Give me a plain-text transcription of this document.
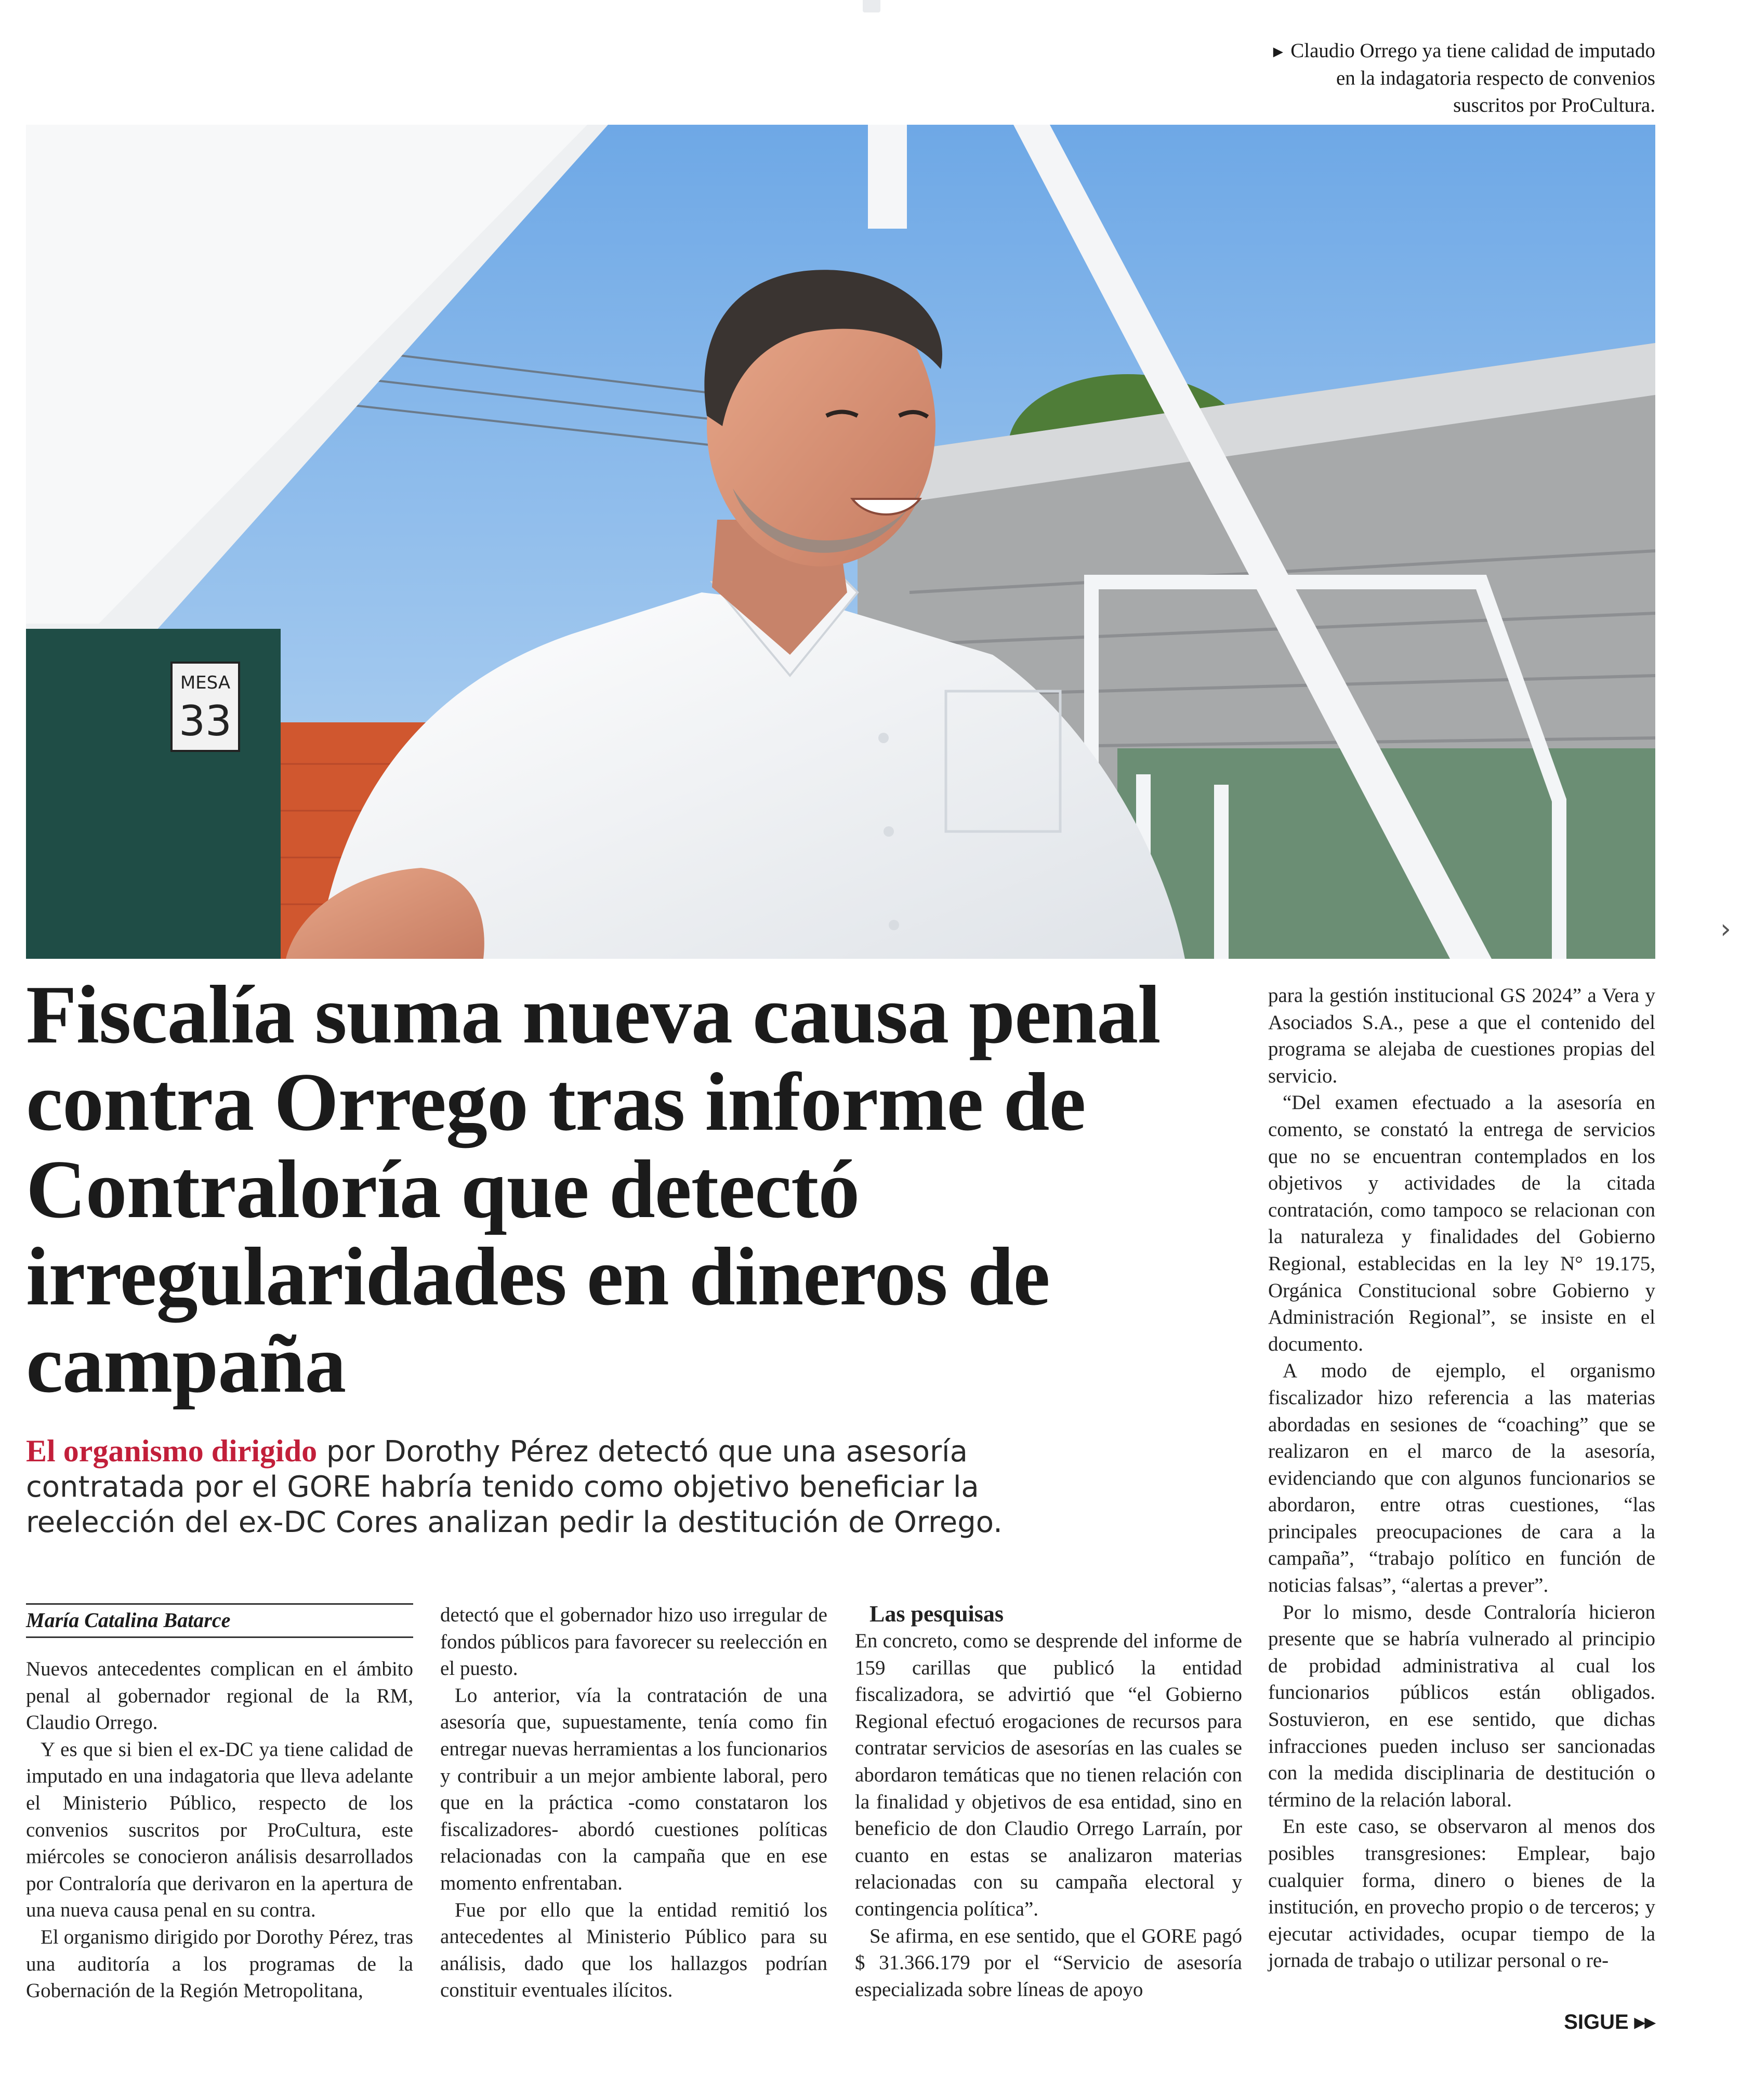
► Claudio Orrego ya tiene calidad de imputado en la indagatoria respecto de convenios suscritos por ProCultura.
MESA
33
›
Fiscalía suma nueva causa penal contra Orrego tras informe de Contraloría que detectó irregularidades en dineros de campaña

El organismo dirigido por Dorothy Pérez detectó que una asesoría contratada por el GORE habría tenido como objetivo beneficiar la reelección del ex-DC Cores analizan pedir la destitución de Orrego.

María Catalina Batarce

Nuevos antecedentes complican en el ámbito penal al gobernador regional de la RM, Claudio Orrego.

Y es que si bien el ex-DC ya tiene calidad de imputado en una indagatoria que lleva adelante el Ministerio Público, respecto de los convenios suscritos por ProCultura, este miércoles se conocieron análisis desarrollados por Contraloría que derivaron en la apertura de una nueva causa penal en su contra.

El organismo dirigido por Dorothy Pérez, tras una auditoría a los programas de la Gobernación de la Región Metropolitana,

detectó que el gobernador hizo uso irregular de fondos públicos para favorecer su reelección en el puesto.

Lo anterior, vía la contratación de una asesoría que, supuestamente, tenía como fin entregar nuevas herramientas a los funcionarios y contribuir a un mejor ambiente laboral, pero que en la práctica -como constataron los fiscalizadores- abordó cuestiones políticas relacionadas con la campaña que en ese momento enfrentaban.

Fue por ello que la entidad remitió los antecedentes al Ministerio Público para su análisis, dado que los hallazgos podrían constituir eventuales ilícitos.

Las pesquisas

En concreto, como se desprende del informe de 159 carillas que publicó la entidad fiscalizadora, se advirtió que “el Gobierno Regional efectuó erogaciones de recursos para contratar servicios de asesorías en las cuales se abordaron temáticas que no tienen relación con la finalidad y objetivos de esa entidad, sino en beneficio de don Claudio Orrego Larraín, por cuanto en estas se analizaron materias relacionadas con su campaña electoral y contingencia política”.

Se afirma, en ese sentido, que el GORE pagó $ 31.366.179 por el “Servicio de asesoría especializada sobre líneas de apoyo

para la gestión institucional GS 2024” a Vera y Asociados S.A., pese a que el contenido del programa se alejaba de cuestiones propias del servicio.

“Del examen efectuado a la asesoría en comento, se constató la entrega de servicios que no se encuentran contemplados en los objetivos y actividades de la citada contratación, como tampoco se relacionan con la naturaleza y finalidades del Gobierno Regional, establecidas en la ley N° 19.175, Orgánica Constitucional sobre Gobierno y Administración Regional”, se insiste en el documento.

A modo de ejemplo, el organismo fiscalizador hizo referencia a las materias abordadas en sesiones de “coaching” que se realizaron en el marco de la asesoría, evidenciando que con algunos funcionarios se abordaron, entre otras cuestiones, “las principales preocupaciones de cara a la campaña”, “trabajo político en función de noticias falsas”, “alertas a prever”.

Por lo mismo, desde Contraloría hicieron presente que se habría vulnerado al principio de probidad administrativa al cual los funcionarios públicos están obligados. Sostuvieron, en ese sentido, que dichas infracciones pueden incluso ser sancionadas con la medida disciplinaria de destitución o término de la relación laboral.

En este caso, se observaron al menos dos posibles transgresiones: Emplear, bajo cualquier forma, dinero o bienes de la institución, en provecho propio o de terceros; y ejecutar actividades, ocupar tiempo de la jornada de trabajo o utilizar personal o re-

SIGUE ▸▸
